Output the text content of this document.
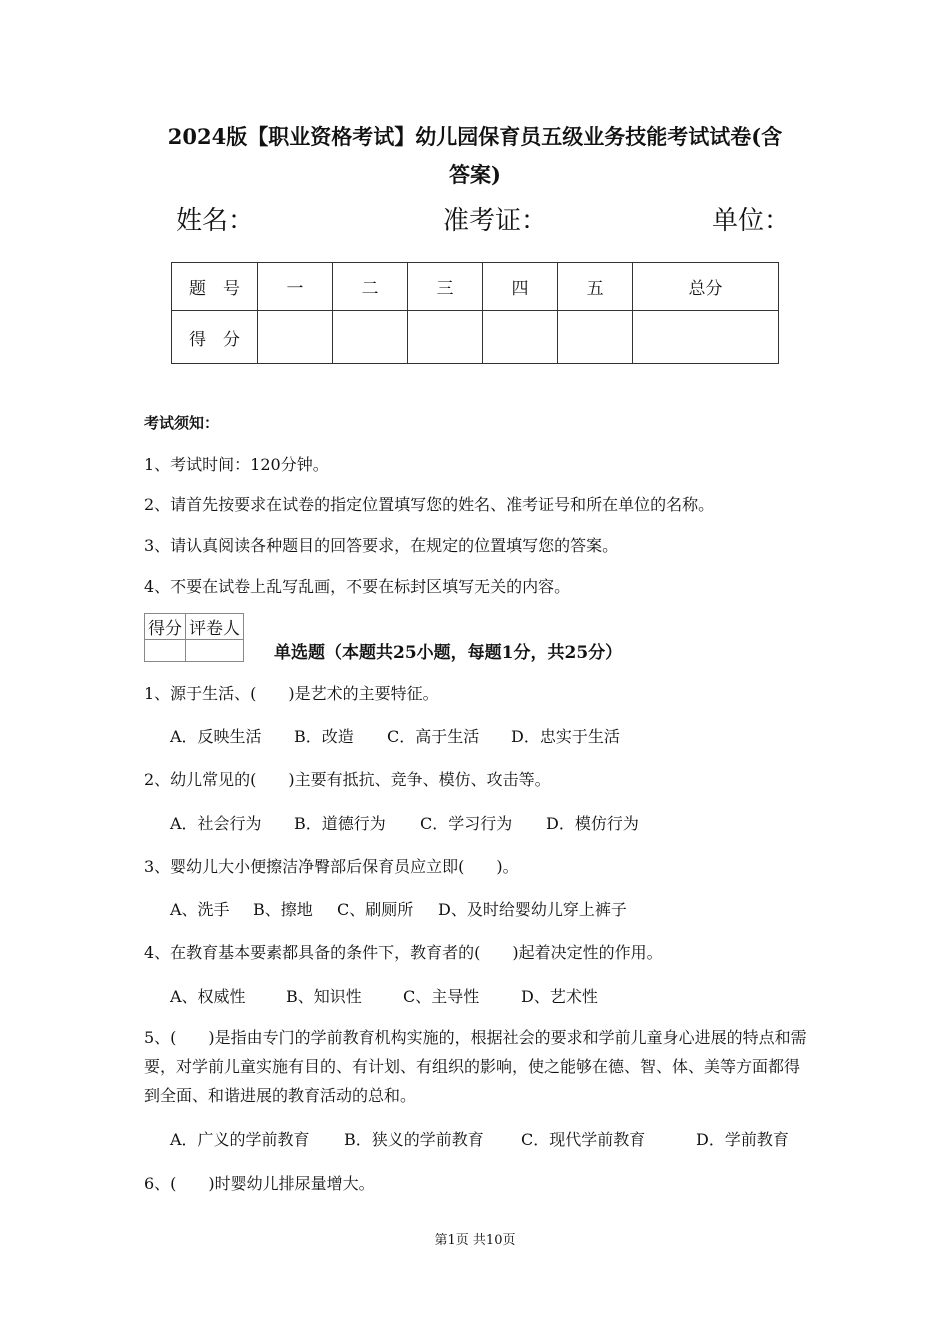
2024版【职业资格考试】幼儿园保育员五级业务技能考试试卷(含
答案)
姓名：	准考证：	单位：
题　号	一	二	三	四	五	总分
得　分						
考试须知：
1、考试时间：120分钟。
2、请首先按要求在试卷的指定位置填写您的姓名、准考证号和所在单位的名称。
3、请认真阅读各种题目的回答要求，在规定的位置填写您的答案。
4、不要在试卷上乱写乱画，不要在标封区填写无关的内容。
得分	评卷人

单选题（本题共25小题，每题1分，共25分）
1、源于生活、(　　)是艺术的主要特征。
A．反映生活 B．改造 C．高于生活 D．忠实于生活
2、幼儿常见的(　　)主要有抵抗、竞争、模仿、攻击等。
A．社会行为 B．道德行为 C．学习行为 D．模仿行为
3、婴幼儿大小便擦洁净臀部后保育员应立即(　　)。
A、洗手 B、擦地 C、刷厕所 D、及时给婴幼儿穿上裤子
4、在教育基本要素都具备的条件下，教育者的(　　)起着决定性的作用。
A、权威性	B、知识性	C、主导性	D、艺术性
5、(　　)是指由专门的学前教育机构实施的，根据社会的要求和学前儿童身心进展的特点和需要，对学前儿童实施有目的、有计划、有组织的影响，使之能够在德、智、体、美等方面都得到全面、和谐进展的教育活动的总和。
A．广义的学前教育 B．狭义的学前教育 C．现代学前教育	D．学前教育
6、(　　)时婴幼儿排尿量增大。
第1页 共10页
